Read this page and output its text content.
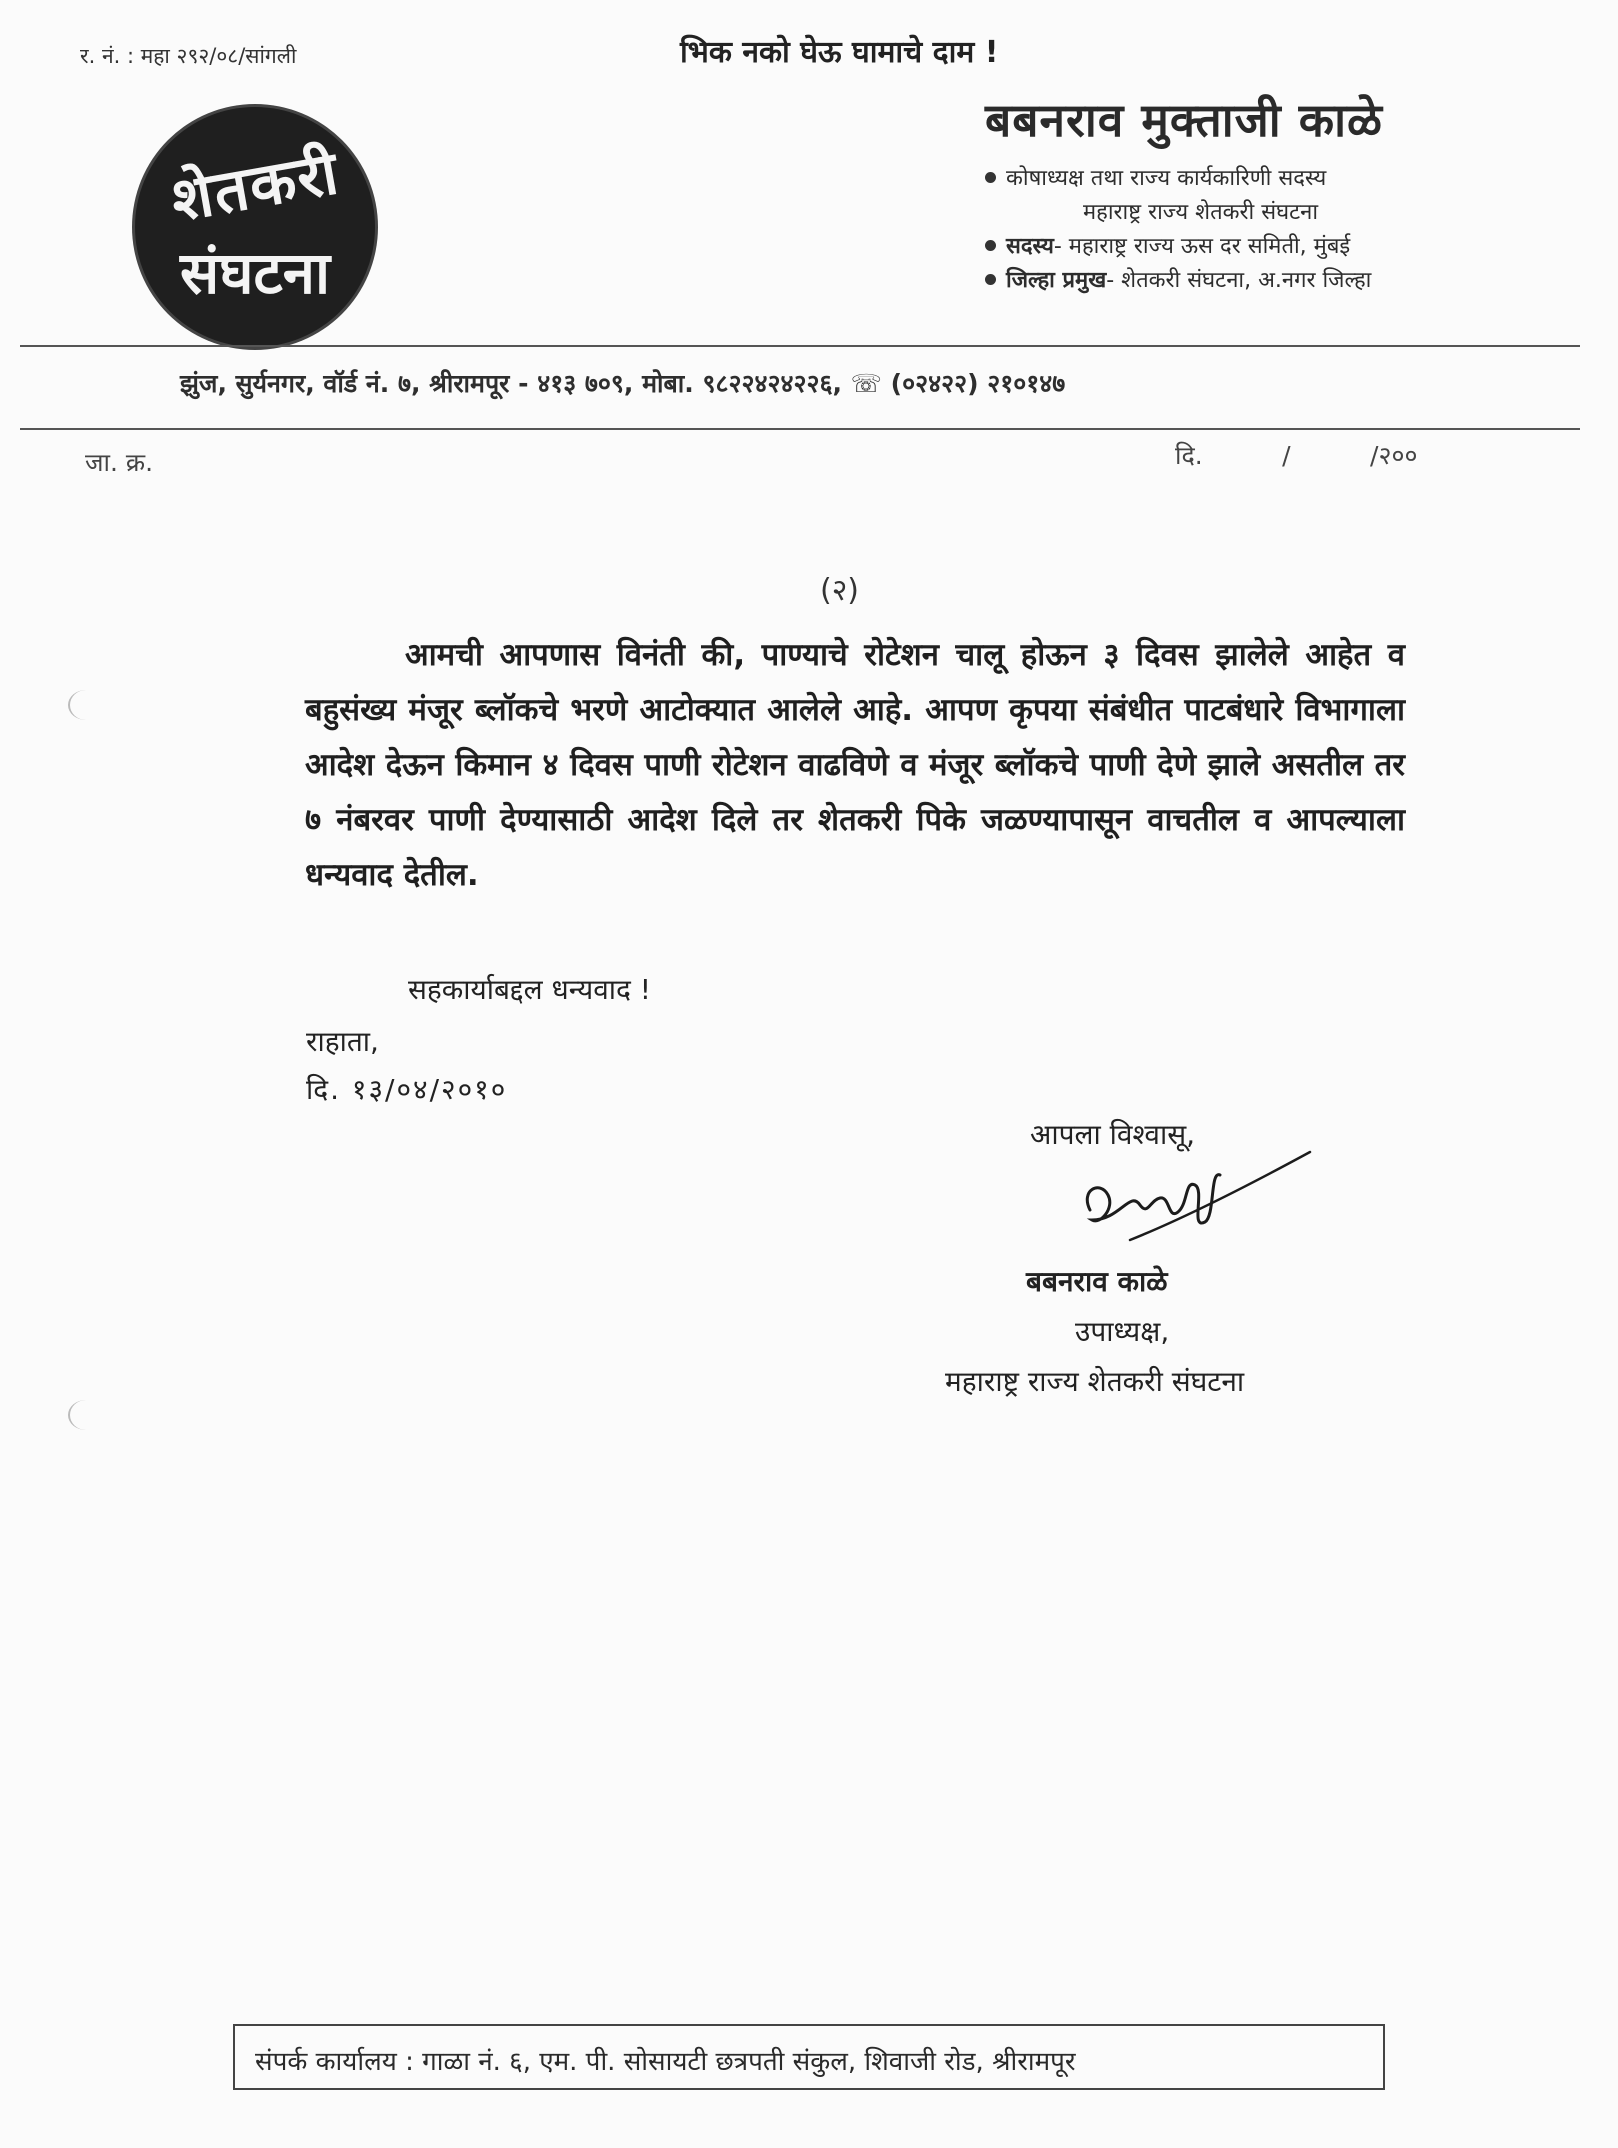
र. नं. : महा २९२/०८/सांगली	भिक नको घेऊ घामाचे दाम !
शेतकरी
संघटना
बबनराव मुक्ताजी काळे
कोषाध्यक्ष तथा राज्य कार्यकारिणी सदस्य
महाराष्ट्र राज्य शेतकरी संघटना
सदस्य - महाराष्ट्र राज्य ऊस दर समिती, मुंबई
जिल्हा प्रमुख - शेतकरी संघटना, अ.नगर जिल्हा
झुंज, सुर्यनगर, वॉर्ड नं. ७, श्रीरामपूर - ४१३ ७०९, मोबा. ९८२२४२४२२६, ☏ (०२४२२) २१०१४७
जा. क्र.	दि.          /          /२००
(२)
आमची आपणास विनंती की, पाण्याचे रोटेशन चालू होऊन ३ दिवस झालेले आहेत व बहुसंख्य मंजूर ब्लॉकचे भरणे आटोक्यात आलेले आहे. आपण कृपया संबंधीत पाटबंधारे विभागाला आदेश देऊन किमान ४ दिवस पाणी रोटेशन वाढविणे व मंजूर ब्लॉकचे पाणी देणे झाले असतील तर ७ नंबरवर पाणी देण्यासाठी आदेश दिले तर शेतकरी पिके जळण्यापासून वाचतील व आपल्याला धन्यवाद देतील.
सहकार्याबद्दल धन्यवाद !
राहाता,
दि. १३/०४/२०१०
आपला विश्वासू,
बबनराव काळे
उपाध्यक्ष,
महाराष्ट्र राज्य शेतकरी संघटना
संपर्क कार्यालय : गाळा नं. ६, एम. पी. सोसायटी छत्रपती संकुल, शिवाजी रोड, श्रीरामपूर
